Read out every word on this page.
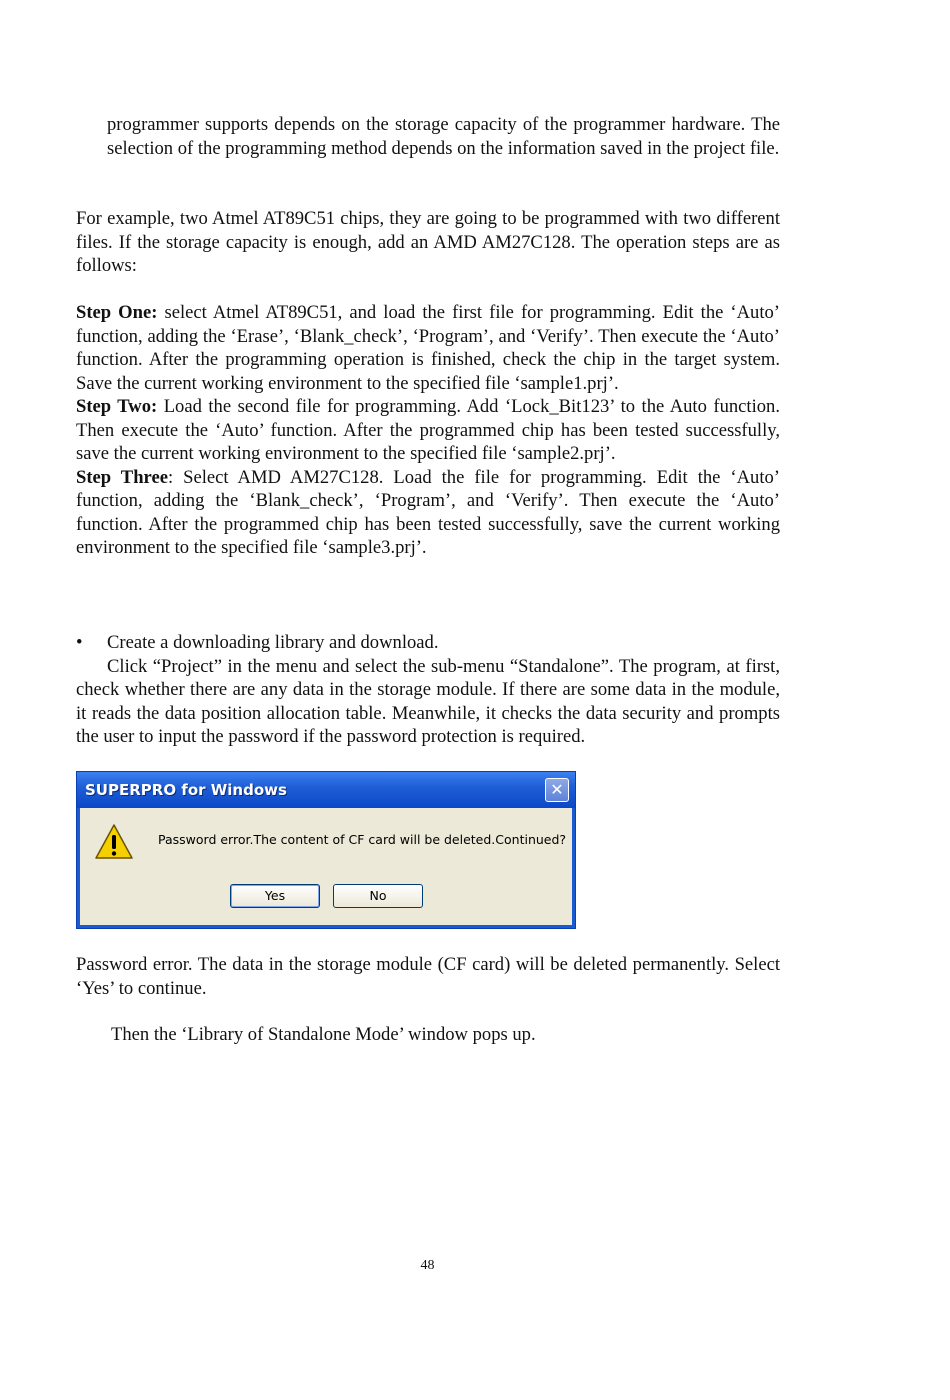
programmer supports depends on the storage capacity of the programmer hardware. The selection of the programming method depends on the information saved in the project file.

For example, two Atmel AT89C51 chips, they are going to be programmed with two different files. If the storage capacity is enough, add an AMD AM27C128. The operation steps are as follows:

Step One: select Atmel AT89C51, and load the first file for programming. Edit the ‘Auto’ function, adding the ‘Erase’, ‘Blank_check’, ‘Program’, and ‘Verify’. Then execute the ‘Auto’ function. After the programming operation is finished, check the chip in the target system. Save the current working environment to the specified file ‘sample1.prj’.

Step Two: Load the second file for programming. Add ‘Lock_Bit123’ to the Auto function. Then execute the ‘Auto’ function. After the programmed chip has been tested successfully, save the current working environment to the specified file ‘sample2.prj’.

Step Three: Select AMD AM27C128. Load the file for programming. Edit the ‘Auto’ function, adding the ‘Blank_check’, ‘Program’, and ‘Verify’. Then execute the ‘Auto’ function. After the programmed chip has been tested successfully, save the current working environment to the specified file ‘sample3.prj’.

• Create a downloading library and download.

Click “Project” in the menu and select the sub-menu “Standalone”. The program, at first, check whether there are any data in the storage module. If there are some data in the module, it reads the data position allocation table. Meanwhile, it checks the data security and prompts the user to input the password if the password protection is required.

SUPERPRO for Windows	✕
Password error.The content of CF card will be deleted.Continued?
Yes	No

Password error. The data in the storage module (CF card) will be deleted permanently. Select ‘Yes’ to continue.

Then the ‘Library of Standalone Mode’ window pops up.

48
